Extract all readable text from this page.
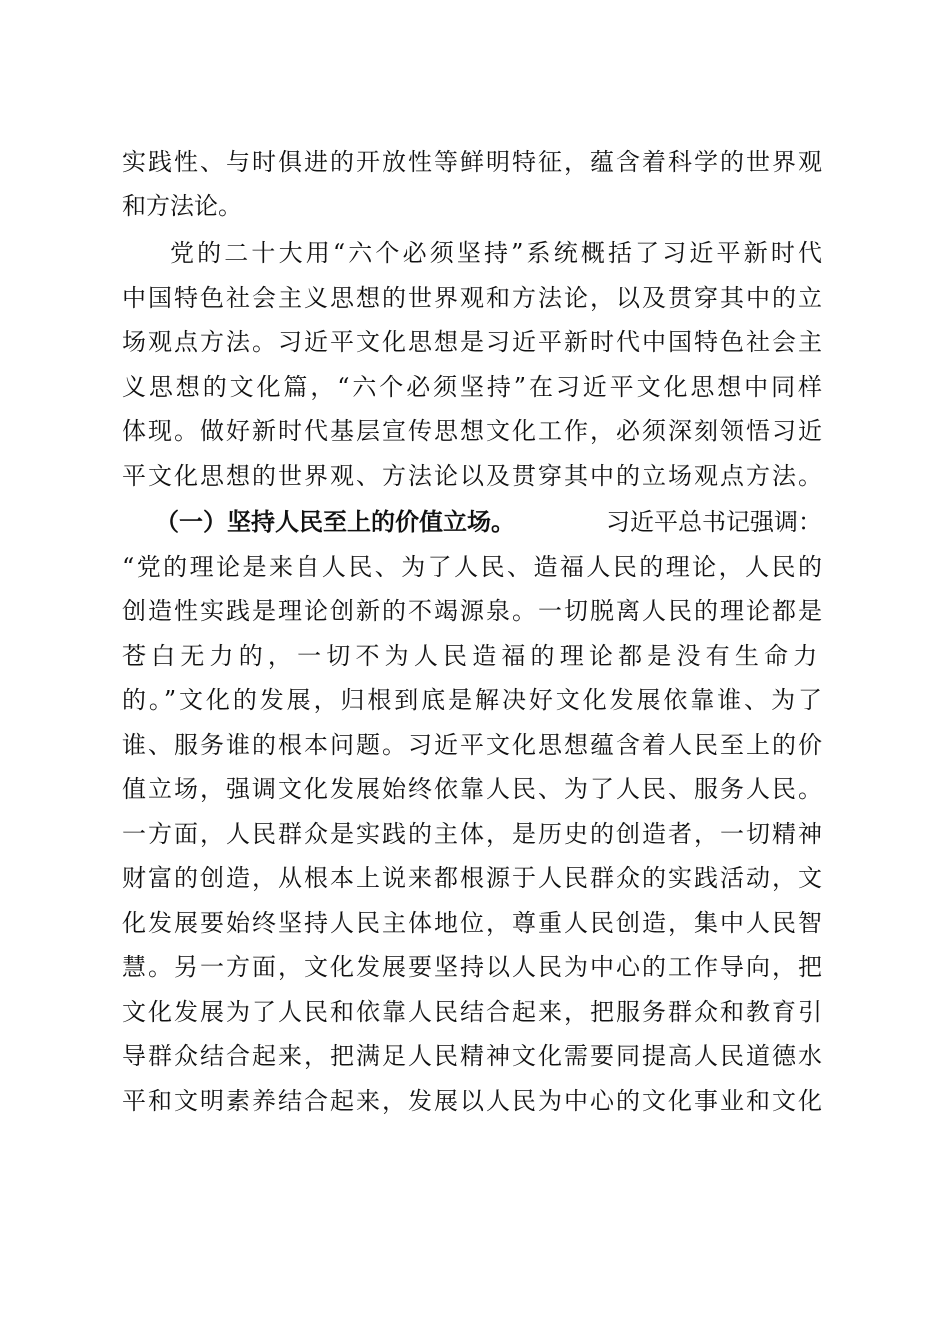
实践性、与时俱进的开放性等鲜明特征，蕴含着科学的世界观
和方法论。
党的二十大用“六个必须坚持”系统概括了习近平新时代
中国特色社会主义思想的世界观和方法论，以及贯穿其中的立
场观点方法。习近平文化思想是习近平新时代中国特色社会主
义思想的文化篇，“六个必须坚持”在习近平文化思想中同样
体现。做好新时代基层宣传思想文化工作，必须深刻领悟习近
平文化思想的世界观、方法论以及贯穿其中的立场观点方法。
（一）坚持人民至上的价值立场。	习近平总书记强调：
“党的理论是来自人民、为了人民、造福人民的理论，人民的
创造性实践是理论创新的不竭源泉。一切脱离人民的理论都是
苍白无力的，一切不为人民造福的理论都是没有生命力
的。”文化的发展，归根到底是解决好文化发展依靠谁、为了
谁、服务谁的根本问题。习近平文化思想蕴含着人民至上的价
值立场，强调文化发展始终依靠人民、为了人民、服务人民。
一方面，人民群众是实践的主体，是历史的创造者，一切精神
财富的创造，从根本上说来都根源于人民群众的实践活动，文
化发展要始终坚持人民主体地位，尊重人民创造，集中人民智
慧。另一方面，文化发展要坚持以人民为中心的工作导向，把
文化发展为了人民和依靠人民结合起来，把服务群众和教育引
导群众结合起来，把满足人民精神文化需要同提高人民道德水
平和文明素养结合起来，发展以人民为中心的文化事业和文化
